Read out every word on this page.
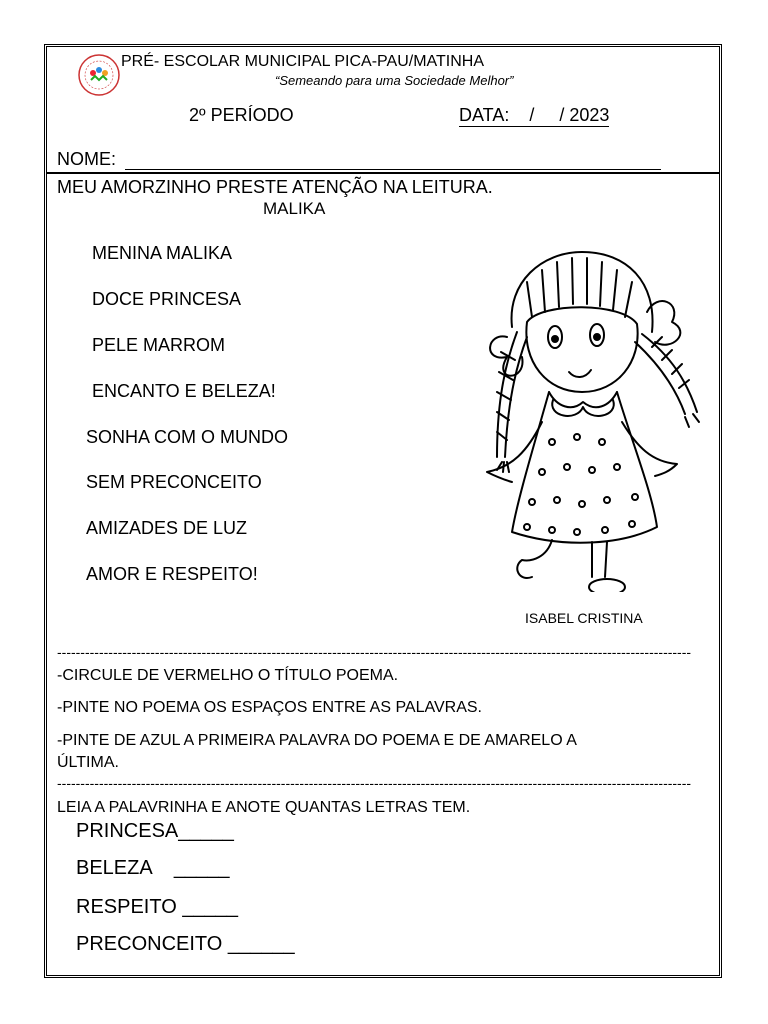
PRÉ- ESCOLAR MUNICIPAL PICA-PAU/MATINHA
“Semeando para uma Sociedade Melhor”
2º PERÍODO	DATA:    /     / 2023
NOME:
MEU AMORZINHO PRESTE ATENÇÃO NA LEITURA.
MALIKA
MENINA MALIKA
DOCE PRINCESA
PELE MARROM
ENCANTO E BELEZA!
SONHA COM O MUNDO
SEM PRECONCEITO
AMIZADES DE LUZ
AMOR E RESPEITO!
ISABEL CRISTINA
----------------------------------------------------------------------------------------------------------------------------------------
-CIRCULE DE VERMELHO O TÍTULO POEMA.
-PINTE NO POEMA OS ESPAÇOS ENTRE AS PALAVRAS.
-PINTE DE AZUL A PRIMEIRA PALAVRA DO POEMA E DE AMARELO A
ÚLTIMA.
----------------------------------------------------------------------------------------------------------------------------------------
LEIA A PALAVRINHA E ANOTE QUANTAS LETRAS TEM.
PRINCESA_____
BELEZA    _____
RESPEITO _____
PRECONCEITO ______
